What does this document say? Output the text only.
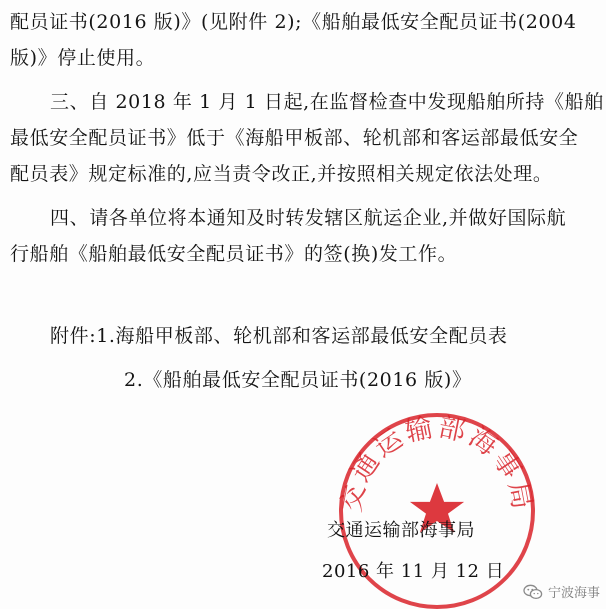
配员证书(2016 版)》(见附件 2);《船舶最低安全配员证书(2004
版)》停止使用。
三、自 2018 年 1 月 1 日起,在监督检查中发现船舶所持《船舶
最低安全配员证书》低于《海船甲板部、轮机部和客运部最低安全
配员表》规定标准的,应当责令改正,并按照相关规定依法处理。
四、请各单位将本通知及时转发辖区航运企业,并做好国际航
行船舶《船舶最低安全配员证书》的签(换)发工作。
附件:1.海船甲板部、轮机部和客运部最低安全配员表
2.《船舶最低安全配员证书(2016 版)》
交通运输部海事局
交通运输部海事局
2016 年 11 月 12 日
宁波海事
